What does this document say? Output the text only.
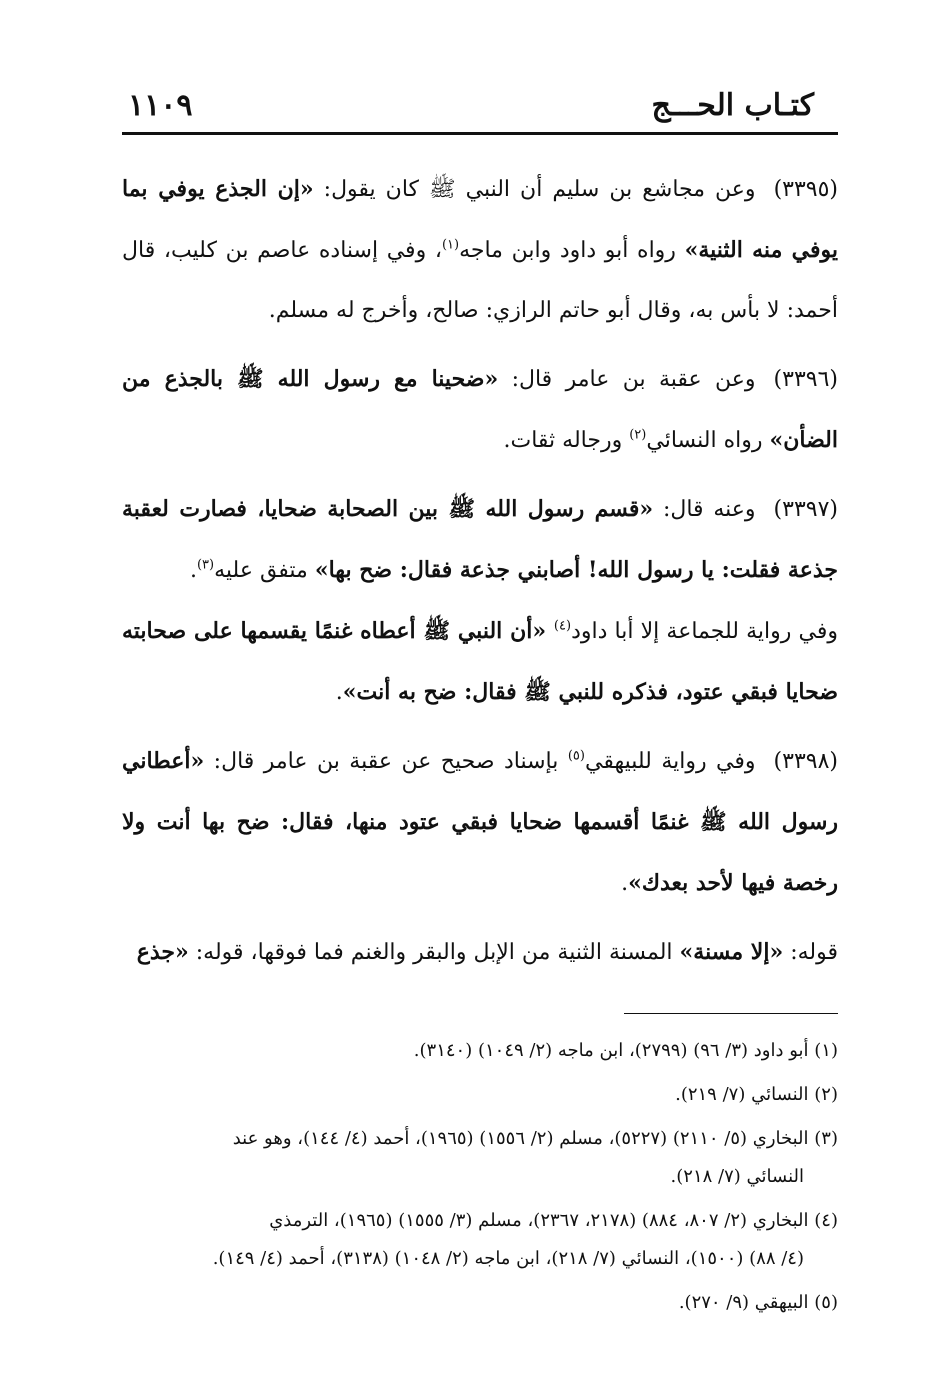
كتـاب الحـــج
١١٠٩

(٣٣٩٥)وعن مجاشع بن سليم أن النبي ﷺ كان يقول: «إن الجذع يوفي بما يوفي منه الثنية» رواه أبو داود وابن ماجه$^{(١)}$، وفي إسناده عاصم بن كليب، قال أحمد: لا بأس به، وقال أبو حاتم الرازي: صالح، وأخرج له مسلم.

(٣٣٩٦)وعن عقبة بن عامر قال: «ضحينا مع رسول الله ﷺ بالجذع من الضأن» رواه النسائي$^{(٢)}$ ورجاله ثقات.

(٣٣٩٧)وعنه قال: «قسم رسول الله ﷺ بين الصحابة ضحايا، فصارت لعقبة جذعة فقلت: يا رسول الله! أصابني جذعة فقال: ضح بها» متفق عليه$^{(٣)}$.
وفي رواية للجماعة إلا أبا داود$^{(٤)}$ «أن النبي ﷺ أعطاه غنمًا يقسمها على صحابته ضحايا فبقي عتود، فذكره للنبي ﷺ فقال: ضح به أنت».

(٣٣٩٨)وفي رواية للبيهقي$^{(٥)}$ بإسناد صحيح عن عقبة بن عامر قال: «أعطاني رسول الله ﷺ غنمًا أقسمها ضحايا فبقي عتود منها، فقال: ضح بها أنت ولا رخصة فيها لأحد بعدك».

قوله: «إلا مسنة» المسنة الثنية من الإبل والبقر والغنم فما فوقها، قوله: «جذع

(١) أبو داود (٣/ ٩٦) (٢٧٩٩)، ابن ماجه (٢/ ١٠٤٩) (٣١٤٠).

(٢) النسائي (٧/ ٢١٩).

(٣) البخاري (٥/ ٢١١٠) (٥٢٢٧)، مسلم (٢/ ١٥٥٦) (١٩٦٥)، أحمد (٤/ ١٤٤)، وهو عند

النسائي (٧/ ٢١٨).

(٤) البخاري (٢/ ٨٠٧، ٨٨٤) (٢١٧٨، ٢٣٦٧)، مسلم (٣/ ١٥٥٥) (١٩٦٥)، الترمذي

(٤/ ٨٨) (١٥٠٠)، النسائي (٧/ ٢١٨)، ابن ماجه (٢/ ١٠٤٨) (٣١٣٨)، أحمد (٤/ ١٤٩).

(٥) البيهقي (٩/ ٢٧٠).
